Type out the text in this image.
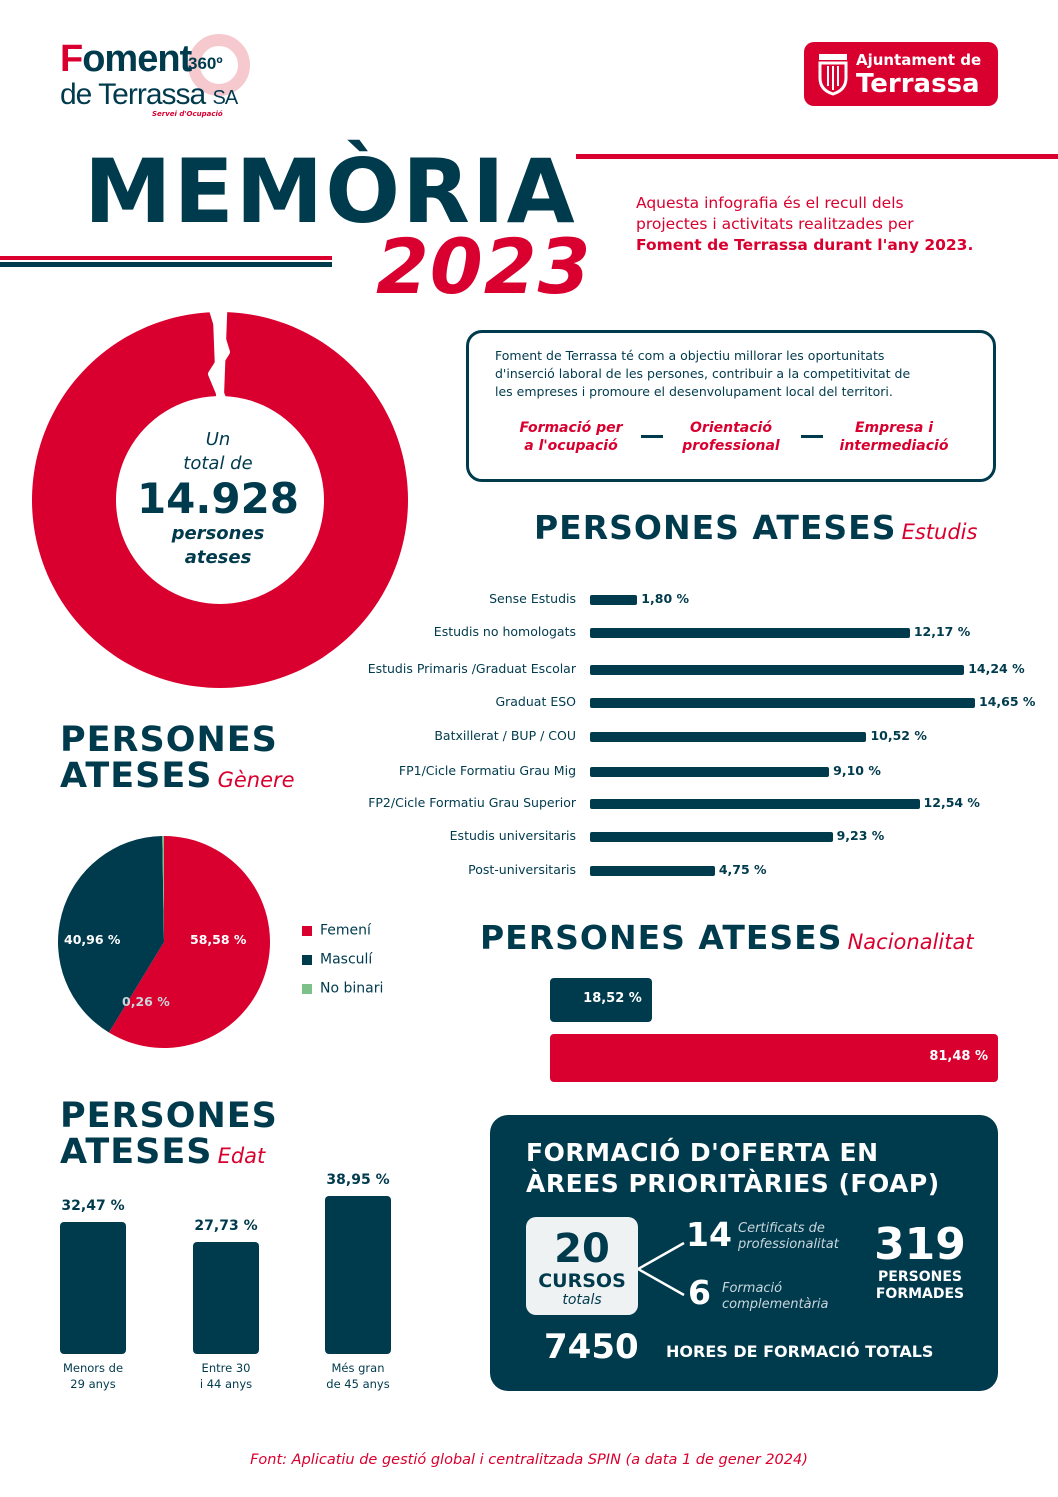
Foment
360º
de Terrassa SA
Servei d'Ocupació
Ajuntament de
Terrassa
MEMÒRIA
2023
Aquesta infografia és el recull dels
projectes i activitats realitzades per
Foment de Terrassa durant l'any 2023.
Un
total de
14.928
persones
ateses
Foment de Terrassa té com a objectiu millorar les oportunitats
d'inserció laboral de les persones, contribuir a la competitivitat de
les empreses i promoure el desenvolupament local del territori.
Formació per
a l'ocupació
Orientació
professional
Empresa i
intermediació
PERSONES ATESES Estudis
Sense Estudis	1,80 %
Estudis no homologats	12,17 %
Estudis Primaris /Graduat Escolar	14,24 %
Graduat ESO	14,65 %
Batxillerat / BUP / COU	10,52 %
FP1/Cicle Formatiu Grau Mig	9,10 %
FP2/Cicle Formatiu Grau Superior	12,54 %
Estudis universitaris	9,23 %
Post-universitaris	4,75 %
PERSONES
ATESES Gènere
58,58 %
40,96 %
0,26 %
Femení
Masculí
No binari
PERSONES ATESES Nacionalitat
18,52 %
81,48 %
PERSONES
ATESES Edat
32,47 %
Menors de
29 anys
27,73 %
Entre 30
i 44 anys
38,95 %
Més gran
de 45 anys
FORMACIÓ D'OFERTA EN
ÀREES PRIORITÀRIES (FOAP)
20
CURSOS
totals
14 Certificats de
professionalitat
6 Formació
complementària
319
PERSONES
FORMADES
7450 HORES DE FORMACIÓ TOTALS
Font: Aplicatiu de gestió global i centralitzada SPIN (a data 1 de gener 2024)
